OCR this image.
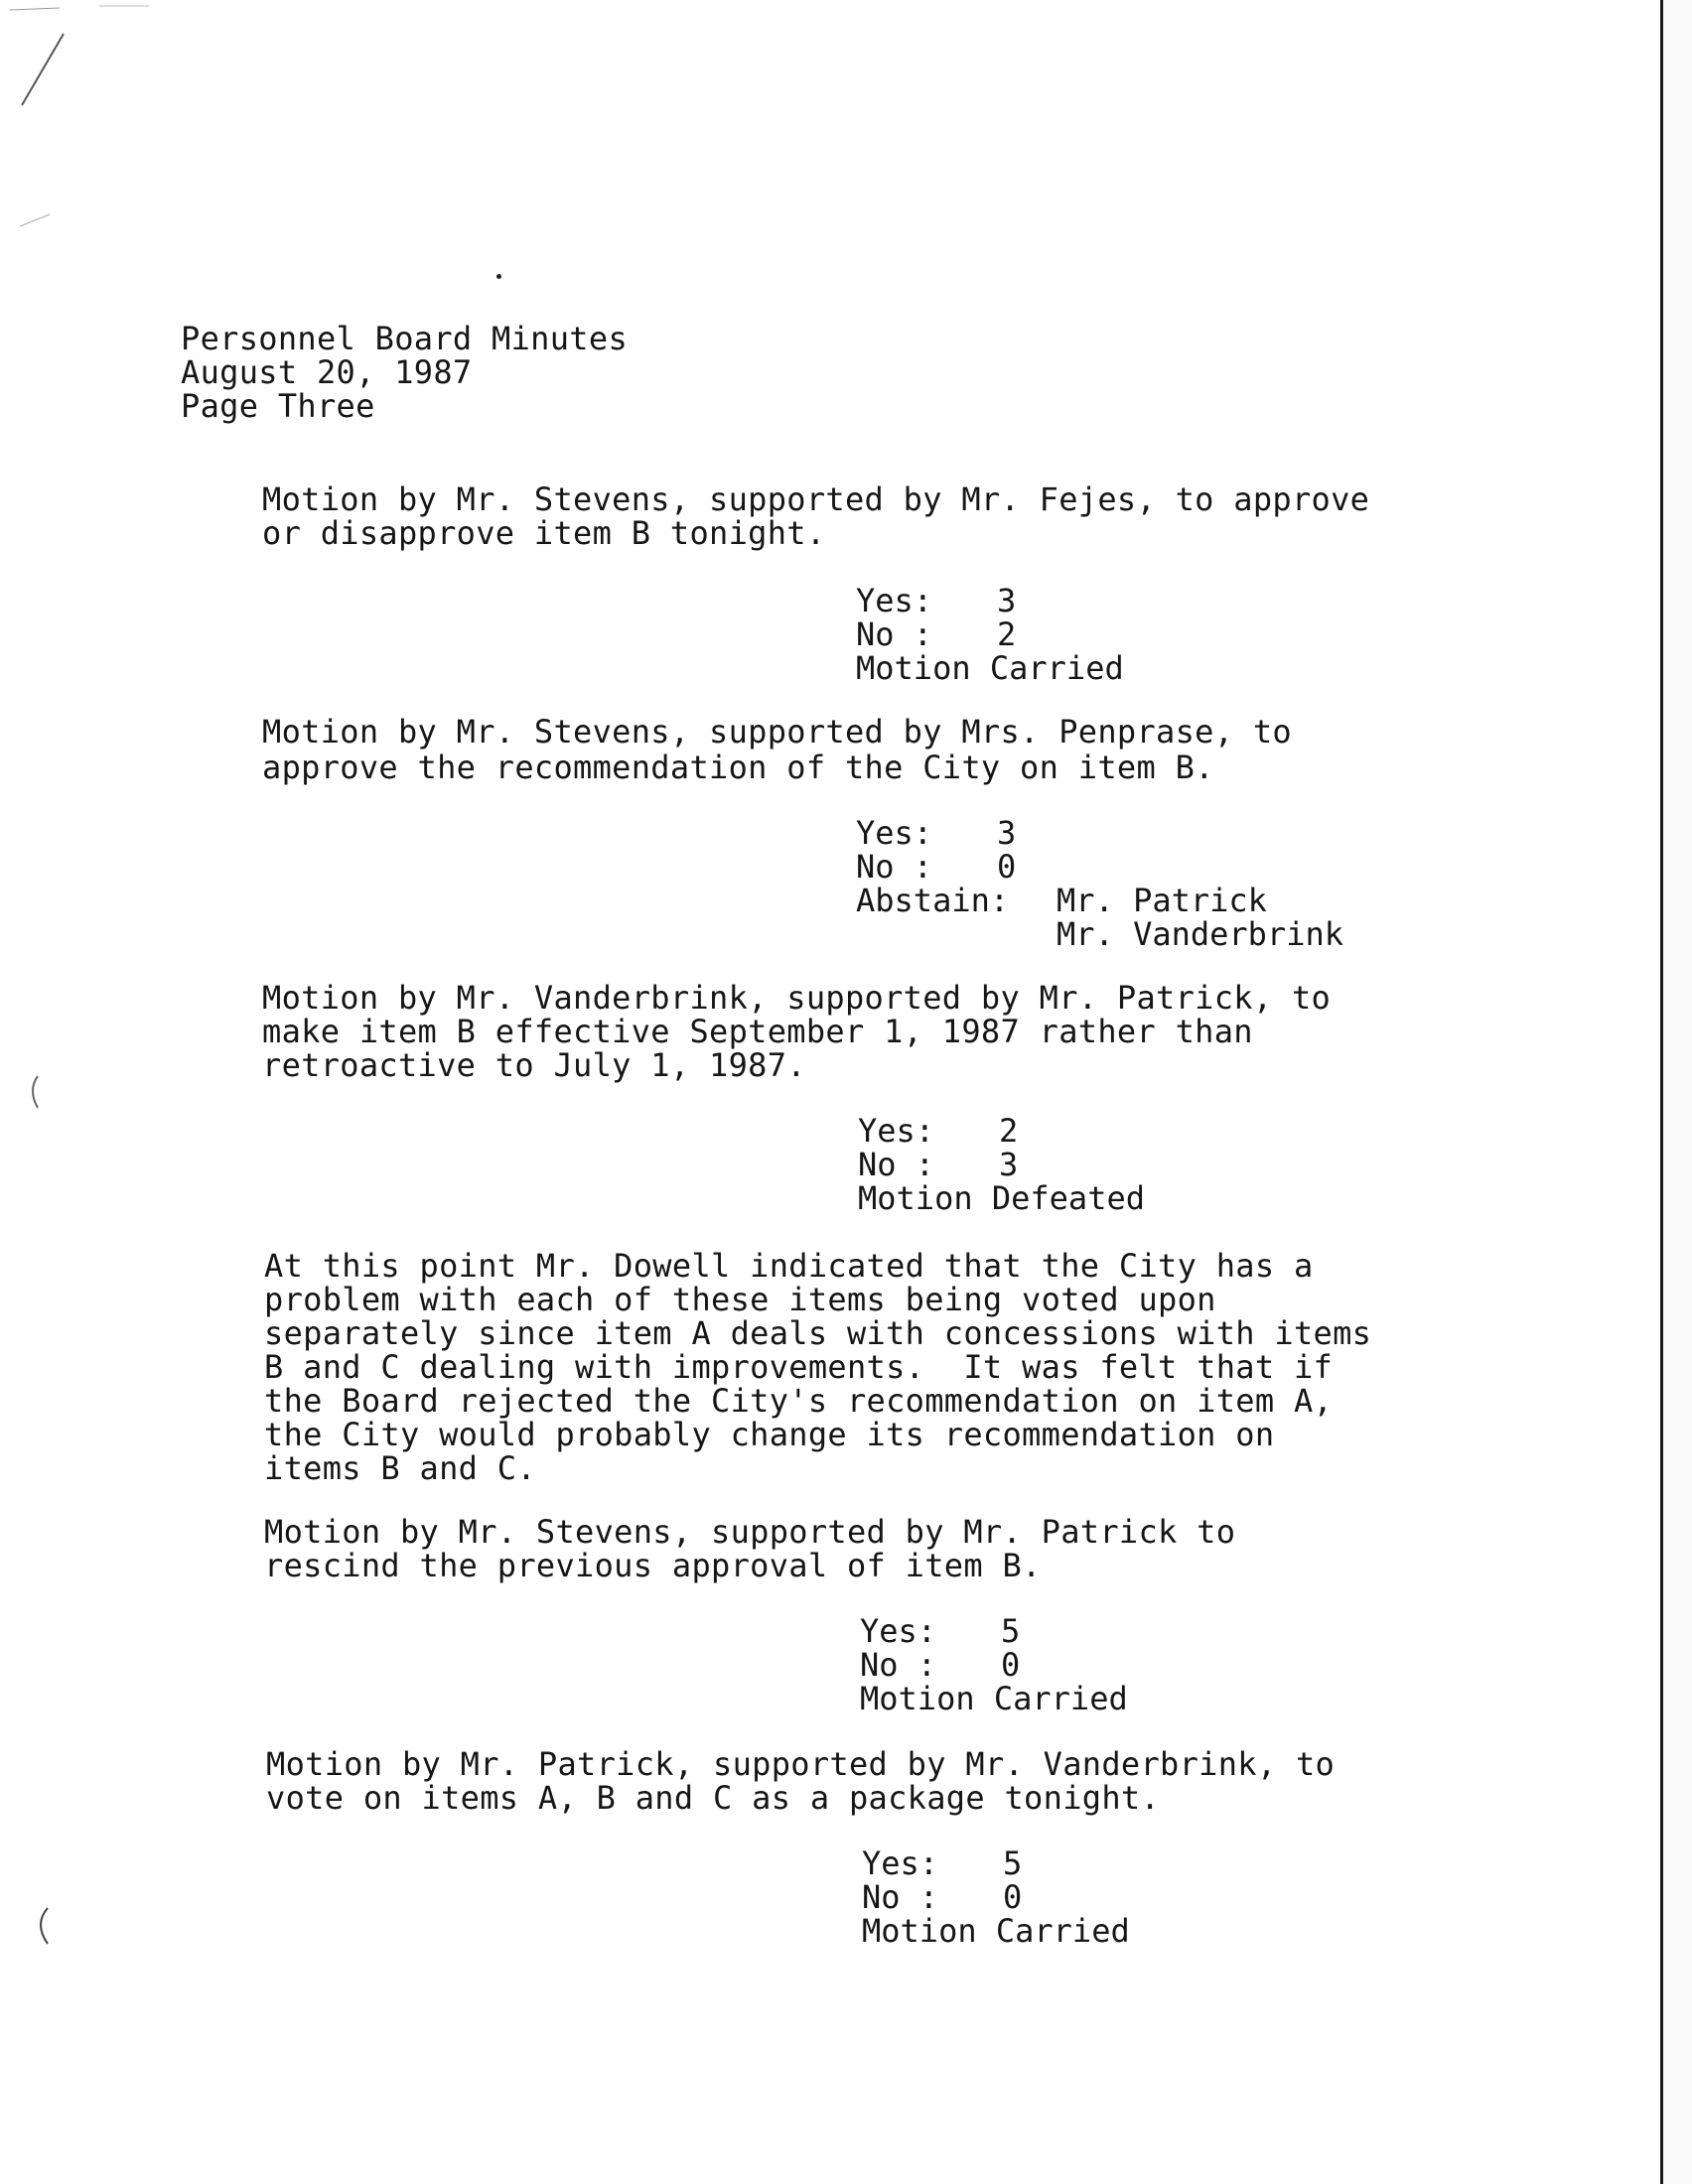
Personnel Board Minutes
August 20, 1987
Page Three
Motion by Mr. Stevens, supported by Mr. Fejes, to approve
or disapprove item B tonight.
Yes: 3
No : 2
Motion Carried
Motion by Mr. Stevens, supported by Mrs. Penprase, to
approve the recommendation of the City on item B.
Yes: 3
No : 0
Abstain: Mr. Patrick
Mr. Vanderbrink
Motion by Mr. Vanderbrink, supported by Mr. Patrick, to
make item B effective September 1, 1987 rather than
retroactive to July 1, 1987.
Yes: 2
No : 3
Motion Defeated
At this point Mr. Dowell indicated that the City has a
problem with each of these items being voted upon
separately since item A deals with concessions with items
B and C dealing with improvements.  It was felt that if
the Board rejected the City's recommendation on item A,
the City would probably change its recommendation on
items B and C.
Motion by Mr. Stevens, supported by Mr. Patrick to
rescind the previous approval of item B.
Yes: 5
No : 0
Motion Carried
Motion by Mr. Patrick, supported by Mr. Vanderbrink, to
vote on items A, B and C as a package tonight.
Yes: 5
No : 0
Motion Carried
